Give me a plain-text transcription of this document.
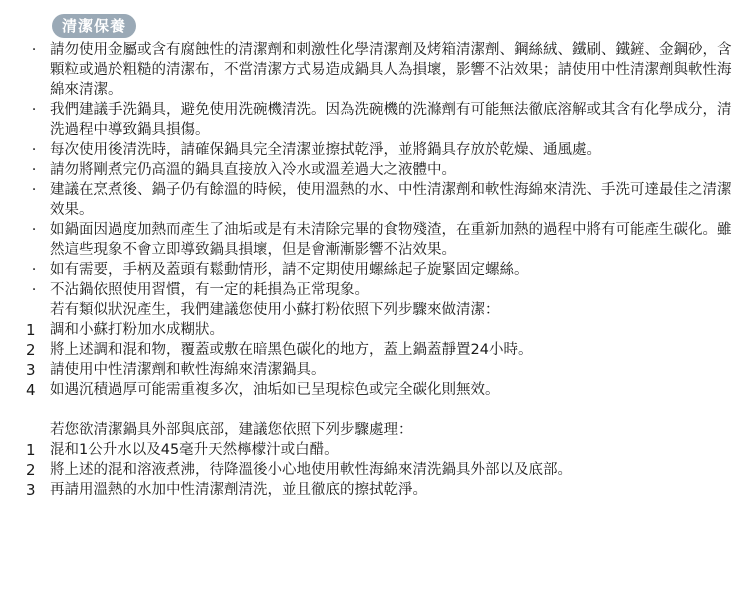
清潔保養
· 請勿使用金屬或含有腐蝕性的清潔劑和刺激性化學清潔劑及烤箱清潔劑、鋼絲絨、鐵刷、鐵鏟、金鋼砂，含顆粒或過於粗糙的清潔布，不當清潔方式易造成鍋具人為損壞，影響不沾效果；請使用中性清潔劑與軟性海綿來清潔。
· 我們建議手洗鍋具，避免使用洗碗機清洗。因為洗碗機的洗滌劑有可能無法徹底溶解或其含有化學成分，清洗過程中導致鍋具損傷。
· 每次使用後清洗時，請確保鍋具完全清潔並擦拭乾淨，並將鍋具存放於乾燥、通風處。
· 請勿將剛煮完仍高溫的鍋具直接放入冷水或溫差過大之液體中。
· 建議在烹煮後、鍋子仍有餘溫的時候，使用溫熱的水、中性清潔劑和軟性海綿來清洗、手洗可達最佳之清潔效果。
· 如鍋面因過度加熱而產生了油垢或是有未清除完畢的食物殘渣，在重新加熱的過程中將有可能產生碳化。雖然這些現象不會立即導致鍋具損壞，但是會漸漸影響不沾效果。
· 如有需要，手柄及蓋頭有鬆動情形，請不定期使用螺絲起子旋緊固定螺絲。
· 不沾鍋依照使用習慣，有一定的耗損為正常現象。
若有類似狀況產生，我們建議您使用小蘇打粉依照下列步驟來做清潔：
1 調和小蘇打粉加水成糊狀。
2 將上述調和混和物，覆蓋或敷在暗黑色碳化的地方，蓋上鍋蓋靜置24小時。
3 請使用中性清潔劑和軟性海綿來清潔鍋具。
4 如遇沉積過厚可能需重複多次，油垢如已呈現棕色或完全碳化則無效。
若您欲清潔鍋具外部與底部，建議您依照下列步驟處理：
1 混和1公升水以及45毫升天然檸檬汁或白醋。
2 將上述的混和溶液煮沸，待降溫後小心地使用軟性海綿來清洗鍋具外部以及底部。
3 再請用溫熱的水加中性清潔劑清洗，並且徹底的擦拭乾淨。
